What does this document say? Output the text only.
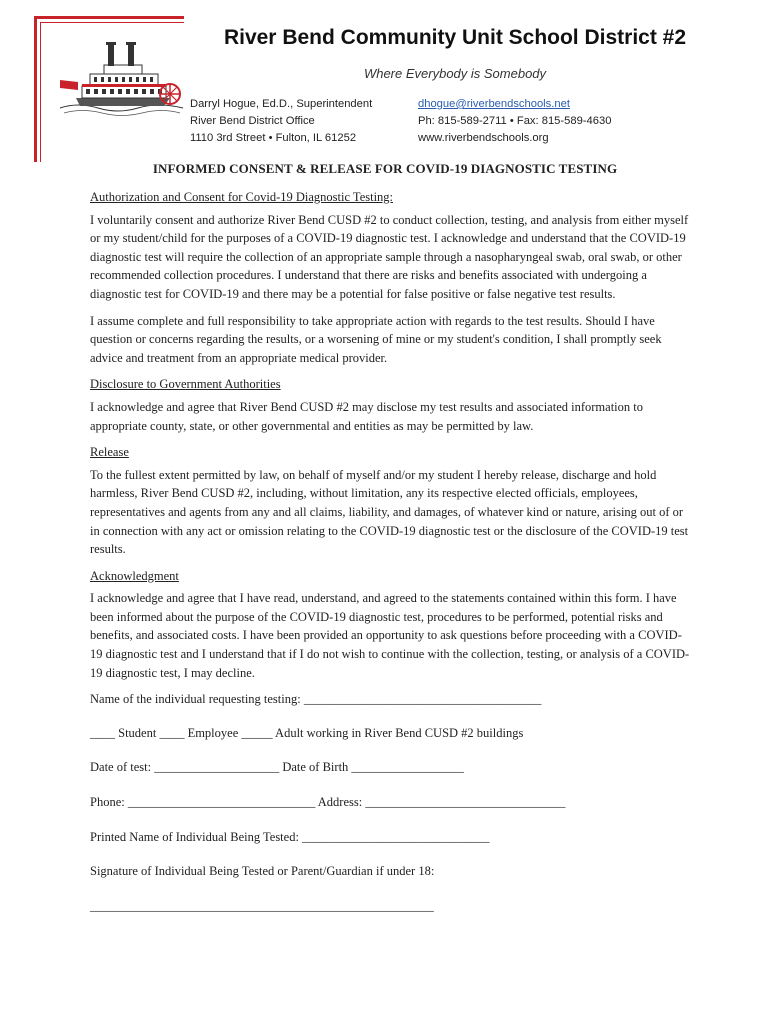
River Bend Community Unit School District #2
Where Everybody is Somebody
Darryl Hogue, Ed.D., Superintendent
River Bend District Office
1110 3rd Street • Fulton, IL 61252
dhogue@riverbendschools.net
Ph: 815-589-2711 • Fax: 815-589-4630
www.riverbendschools.org
INFORMED CONSENT & RELEASE FOR COVID-19 DIAGNOSTIC TESTING
Authorization and Consent for Covid-19 Diagnostic Testing:

I voluntarily consent and authorize River Bend CUSD #2 to conduct collection, testing, and analysis from either myself or my student/child for the purposes of a COVID-19 diagnostic test. I acknowledge and understand that the COVID-19 diagnostic test will require the collection of an appropriate sample through a nasopharyngeal swab, oral swab, or other recommended collection procedures. I understand that there are risks and benefits associated with undergoing a diagnostic test for COVID-19 and there may be a potential for false positive or false negative test results.

I assume complete and full responsibility to take appropriate action with regards to the test results. Should I have question or concerns regarding the results, or a worsening of mine or my student's condition, I shall promptly seek advice and treatment from an appropriate medical provider.

Disclosure to Government Authorities

I acknowledge and agree that River Bend CUSD #2 may disclose my test results and associated information to appropriate county, state, or other governmental and entities as may be permitted by law.

Release

To the fullest extent permitted by law, on behalf of myself and/or my student I hereby release, discharge and hold harmless, River Bend CUSD #2, including, without limitation, any its respective elected officials, employees, representatives and agents from any and all claims, liability, and damages, of whatever kind or nature, arising out of or in connection with any act or omission relating to the COVID-19 diagnostic test or the disclosure of the COVID-19 test results.

Acknowledgment

I acknowledge and agree that I have read, understand, and agreed to the statements contained within this form. I have been informed about the purpose of the COVID-19 diagnostic test, procedures to be performed, potential risks and benefits, and associated costs. I have been provided an opportunity to ask questions before proceeding with a COVID-19 diagnostic test and I understand that if I do not wish to continue with the collection, testing, or analysis of a COVID-19 diagnostic test, I may decline.

Name of the individual requesting testing: ______________________________________
____ Student ____ Employee _____ Adult working in River Bend CUSD #2 buildings
Date of test: ____________________ Date of Birth __________________
Phone: ______________________________ Address: ________________________________
Printed Name of Individual Being Tested: ______________________________
Signature of Individual Being Tested or Parent/Guardian if under 18:
_______________________________________________________
